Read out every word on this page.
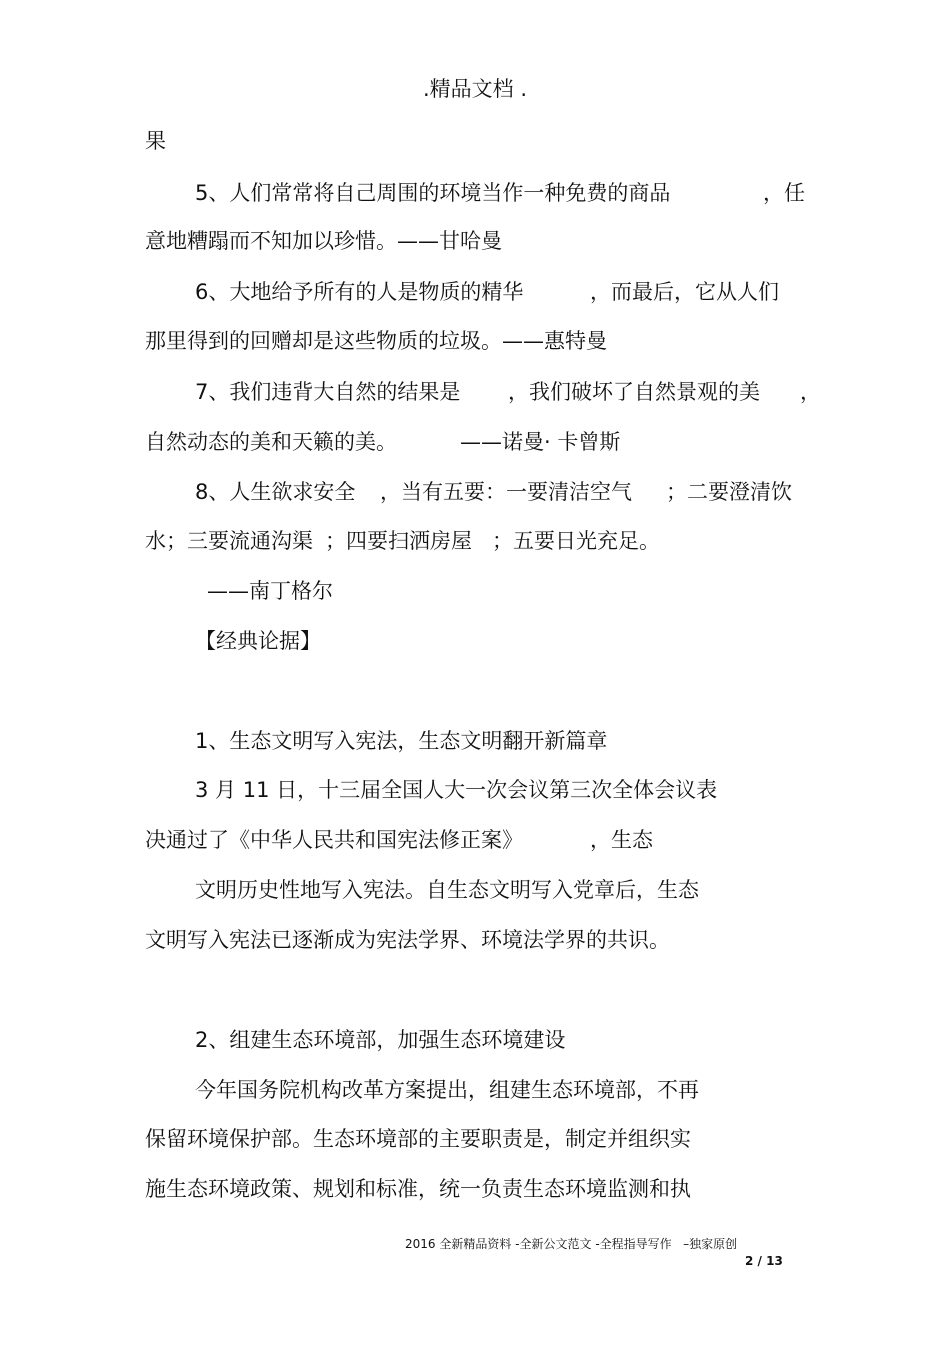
.精品文档 .
果
5、人们常常将自己周围的环境当作一种免费的商品	，任
意地糟蹋而不知加以珍惜。——甘哈曼
6、大地给予所有的人是物质的精华	，而最后，它从人们
那里得到的回赠却是这些物质的垃圾。——惠特曼
7、我们违背大自然的结果是 ，我们破坏了自然景观的美 ，
自然动态的美和天籁的美。	——诺曼· 卡曾斯
8、人生欲求安全 ，当有五要：一要清洁空气 ；二要澄清饮
水；三要流通沟渠 ；四要扫洒房屋 ；五要日光充足。
——南丁格尔
【经典论据】
1、生态文明写入宪法，生态文明翻开新篇章
3 月 11 日，十三届全国人大一次会议第三次全体会议表
决通过了《中华人民共和国宪法修正案》	，生态
文明历史性地写入宪法。自生态文明写入党章后，生态
文明写入宪法已逐渐成为宪法学界、环境法学界的共识。
2、组建生态环境部，加强生态环境建设
今年国务院机构改革方案提出，组建生态环境部，不再
保留环境保护部。生态环境部的主要职责是，制定并组织实
施生态环境政策、规划和标准，统一负责生态环境监测和执
2016 全新精品资料 -全新公文范文 -全程指导写作   –独家原创
2 / 13
